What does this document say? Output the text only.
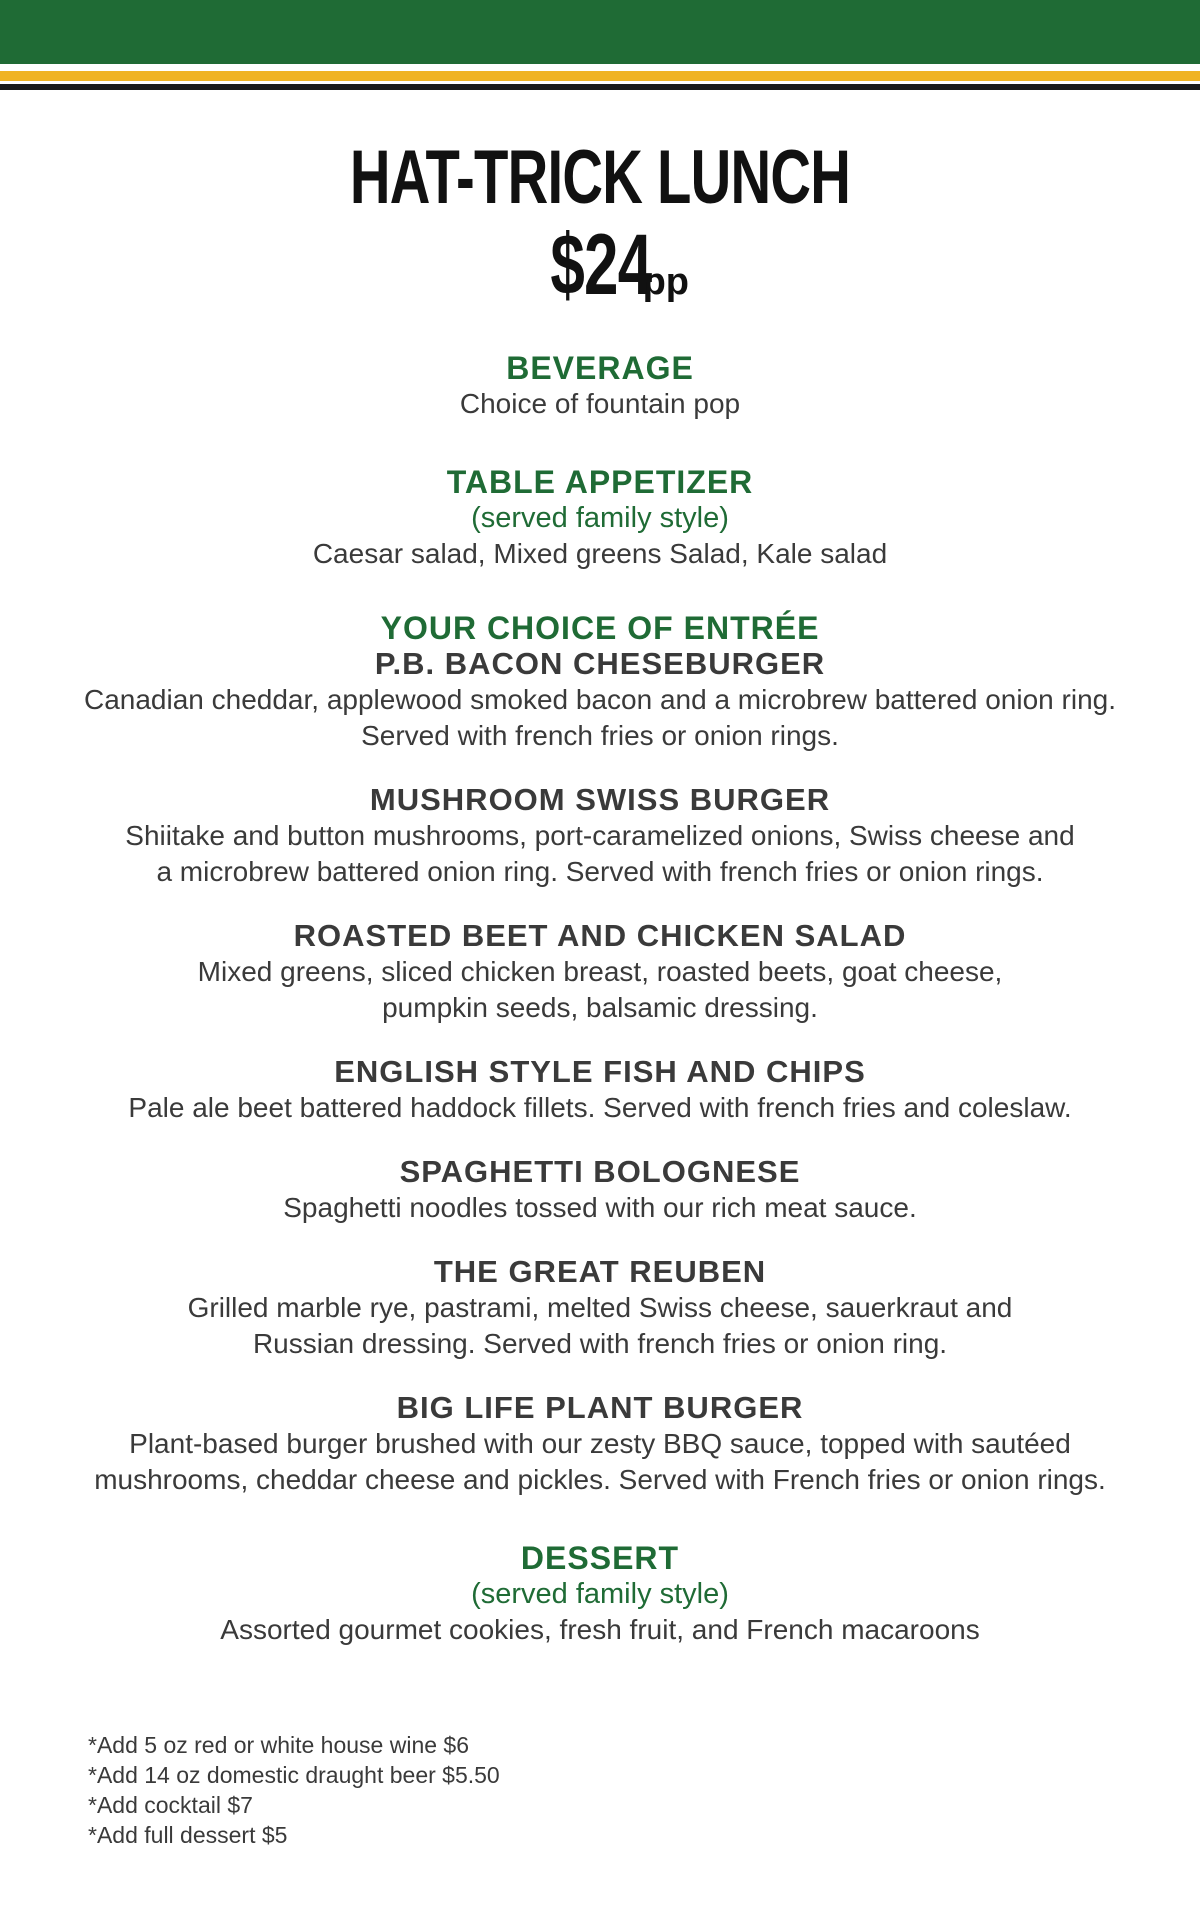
HAT-TRICK LUNCH
$24 pp
BEVERAGE
Choice of fountain pop
TABLE APPETIZER
(served family style)
Caesar salad, Mixed greens Salad, Kale salad
YOUR CHOICE OF ENTRÉE
P.B. BACON CHESEBURGER
Canadian cheddar, applewood smoked bacon and a microbrew battered onion ring.
Served with french fries or onion rings.
MUSHROOM SWISS BURGER
Shiitake and button mushrooms, port-caramelized onions, Swiss cheese and
a microbrew battered onion ring. Served with french fries or onion rings.
ROASTED BEET AND CHICKEN SALAD
Mixed greens, sliced chicken breast, roasted beets, goat cheese,
pumpkin seeds, balsamic dressing.
ENGLISH STYLE FISH AND CHIPS
Pale ale beet battered haddock fillets. Served with french fries and coleslaw.
SPAGHETTI BOLOGNESE
Spaghetti noodles tossed with our rich meat sauce.
THE GREAT REUBEN
Grilled marble rye, pastrami, melted Swiss cheese, sauerkraut and
Russian dressing. Served with french fries or onion ring.
BIG LIFE PLANT BURGER
Plant-based burger brushed with our zesty BBQ sauce, topped with sautéed
mushrooms, cheddar cheese and pickles. Served with French fries or onion rings.
DESSERT
(served family style)
Assorted gourmet cookies, fresh fruit, and French macaroons
*Add 5 oz red or white house wine $6
*Add 14 oz domestic draught beer $5.50
*Add cocktail $7
*Add full dessert $5
